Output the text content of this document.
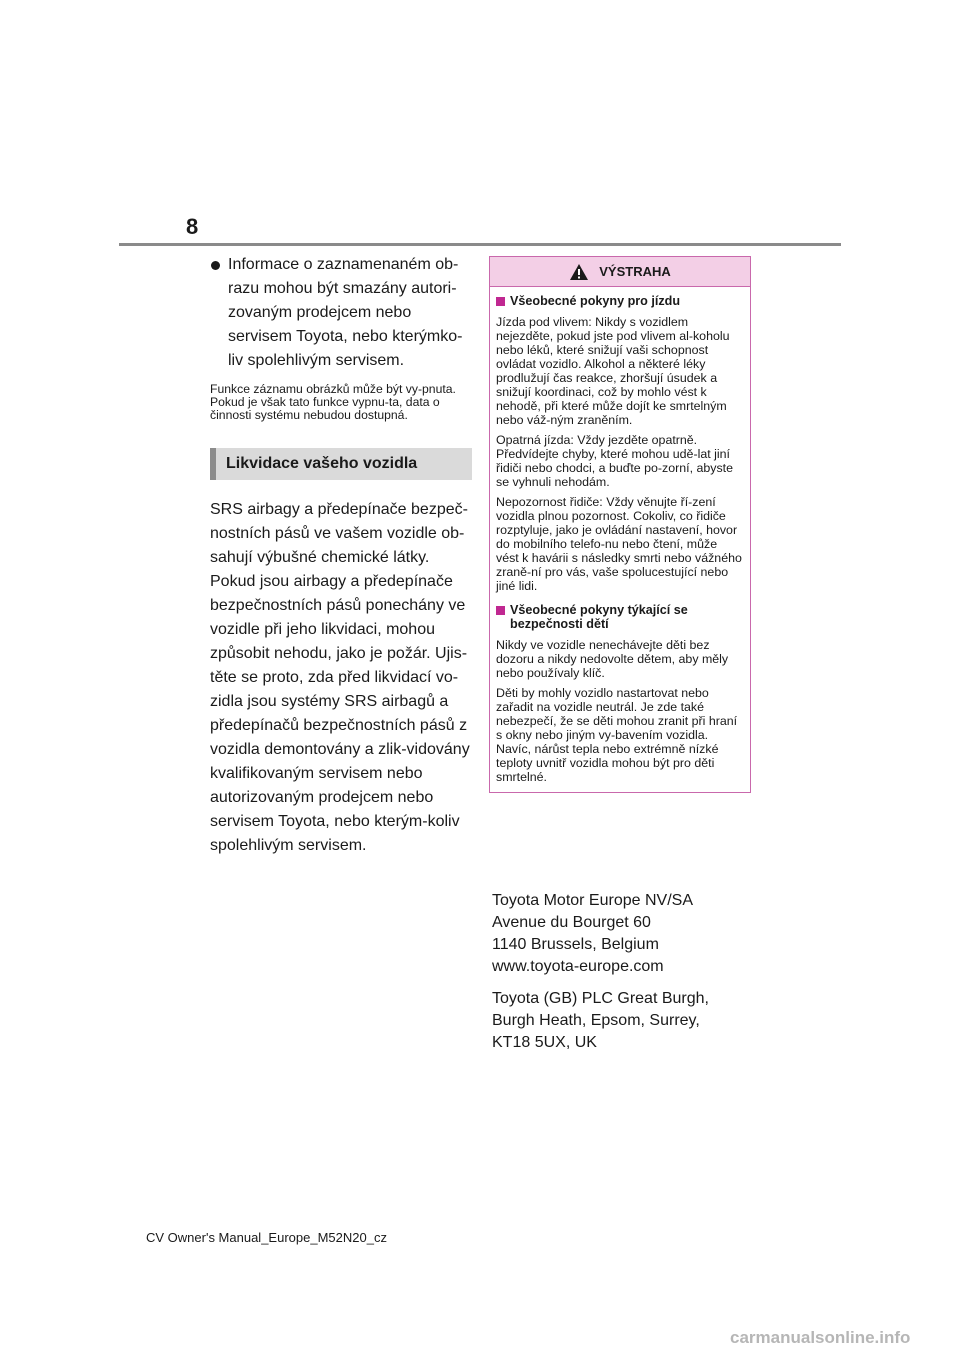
8

Informace o zaznamenaném ob-razu mohou být smazány autori-zovaným prodejcem nebo servisem Toyota, nebo kterýmko-liv spolehlivým servisem.

Funkce záznamu obrázků může být vy-pnuta. Pokud je však tato funkce vypnu-ta, data o činnosti systému nebudou dostupná.

Likvidace vašeho vozidla

SRS airbagy a předepínače bezpeč-nostních pásů ve vašem vozidle ob-sahují výbušné chemické látky. Pokud jsou airbagy a předepínače bezpečnostních pásů ponechány ve vozidle při jeho likvidaci, mohou způsobit nehodu, jako je požár. Ujis-těte se proto, zda před likvidací vo-zidla jsou systémy SRS airbagů a předepínačů bezpečnostních pásů z vozidla demontovány a zlik-vidovány kvalifikovaným servisem nebo autorizovaným prodejcem nebo servisem Toyota, nebo kterým-koliv spolehlivým servisem.

VÝSTRAHA
Všeobecné pokyny pro jízdu

Jízda pod vlivem: Nikdy s vozidlem nejezděte, pokud jste pod vlivem al-koholu nebo léků, které snižují vaši schopnost ovládat vozidlo. Alkohol a některé léky prodlužují čas reakce, zhoršují úsudek a snižují koordinaci, což by mohlo vést k nehodě, při které může dojít ke smrtelným nebo váž-ným zraněním.

Opatrná jízda: Vždy jezděte opatrně. Předvídejte chyby, které mohou udě-lat jiní řidiči nebo chodci, a buďte po-zorní, abyste se vyhnuli nehodám.

Nepozornost řidiče: Vždy věnujte ří-zení vozidla plnou pozornost. Cokoliv, co řidiče rozptyluje, jako je ovládání nastavení, hovor do mobilního telefo-nu nebo čtení, může vést k havárii s následky smrti nebo vážného zraně-ní pro vás, vaše spolucestující nebo jiné lidi.

Všeobecné pokyny týkající se bezpečnosti dětí

Nikdy ve vozidle nenechávejte děti bez dozoru a nikdy nedovolte dětem, aby měly nebo používaly klíč.

Děti by mohly vozidlo nastartovat nebo zařadit na vozidle neutrál. Je zde také nebezpečí, že se děti mohou zranit při hraní s okny nebo jiným vy-bavením vozidla. Navíc, nárůst tepla nebo extrémně nízké teploty uvnitř vozidla mohou být pro děti smrtelné.

Toyota Motor Europe NV/SA
Avenue du Bourget 60
1140 Brussels, Belgium
www.toyota-europe.com

Toyota (GB) PLC Great Burgh,
Burgh Heath, Epsom, Surrey,
KT18 5UX, UK

CV Owner's Manual_Europe_M52N20_cz
carmanualsonline.info
